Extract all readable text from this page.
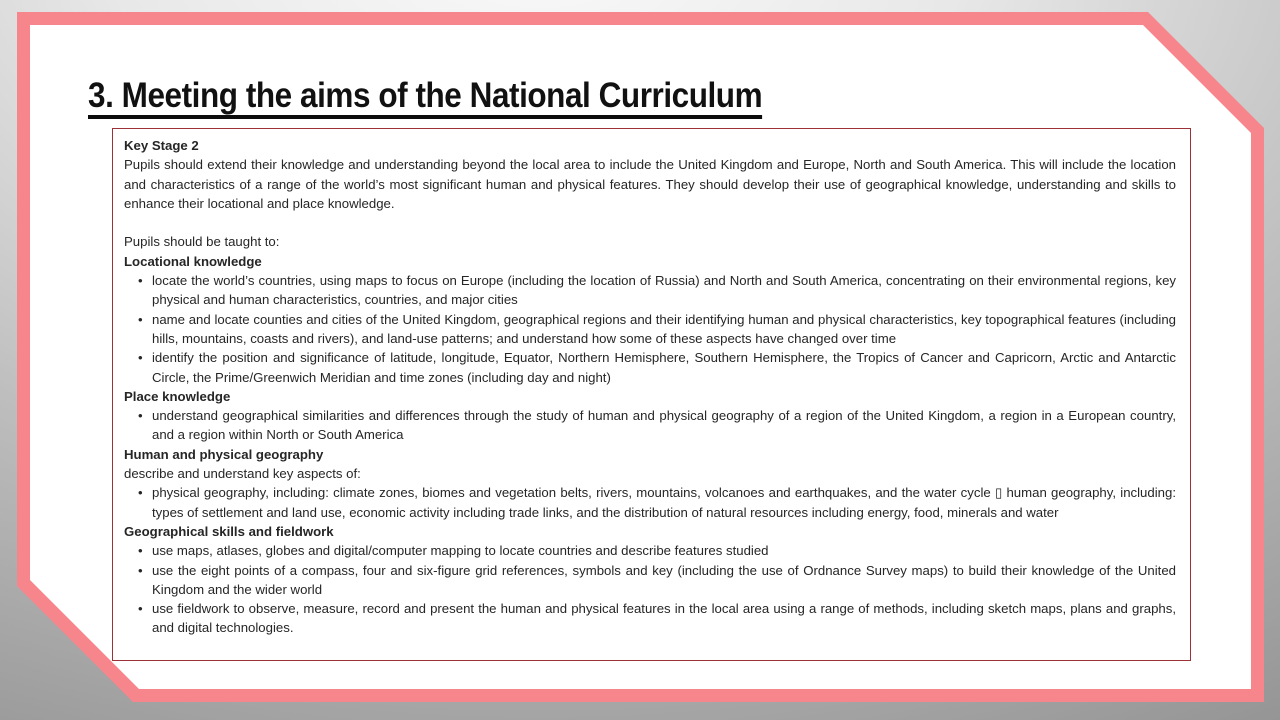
3. Meeting the aims of the National Curriculum
Key Stage 2
Pupils should extend their knowledge and understanding beyond the local area to include the United Kingdom and Europe, North and South America. This will include the location and characteristics of a range of the world’s most significant human and physical features. They should develop their use of geographical knowledge, understanding and skills to enhance their locational and place knowledge.
Pupils should be taught to:
Locational knowledge
• locate the world’s countries, using maps to focus on Europe (including the location of Russia) and North and South America, concentrating on their environmental regions, key physical and human characteristics, countries, and major cities
• name and locate counties and cities of the United Kingdom, geographical regions and their identifying human and physical characteristics, key topographical features (including hills, mountains, coasts and rivers), and land-use patterns; and understand how some of these aspects have changed over time
• identify the position and significance of latitude, longitude, Equator, Northern Hemisphere, Southern Hemisphere, the Tropics of Cancer and Capricorn, Arctic and Antarctic Circle, the Prime/Greenwich Meridian and time zones (including day and night)
Place knowledge
• understand geographical similarities and differences through the study of human and physical geography of a region of the United Kingdom, a region in a European country, and a region within North or South America
Human and physical geography
describe and understand key aspects of:
• physical geography, including: climate zones, biomes and vegetation belts, rivers, mountains, volcanoes and earthquakes, and the water cycle ▯ human geography, including: types of settlement and land use, economic activity including trade links, and the distribution of natural resources including energy, food, minerals and water
Geographical skills and fieldwork
• use maps, atlases, globes and digital/computer mapping to locate countries and describe features studied
• use the eight points of a compass, four and six-figure grid references, symbols and key (including the use of Ordnance Survey maps) to build their knowledge of the United Kingdom and the wider world
• use fieldwork to observe, measure, record and present the human and physical features in the local area using a range of methods, including sketch maps, plans and graphs, and digital technologies.
